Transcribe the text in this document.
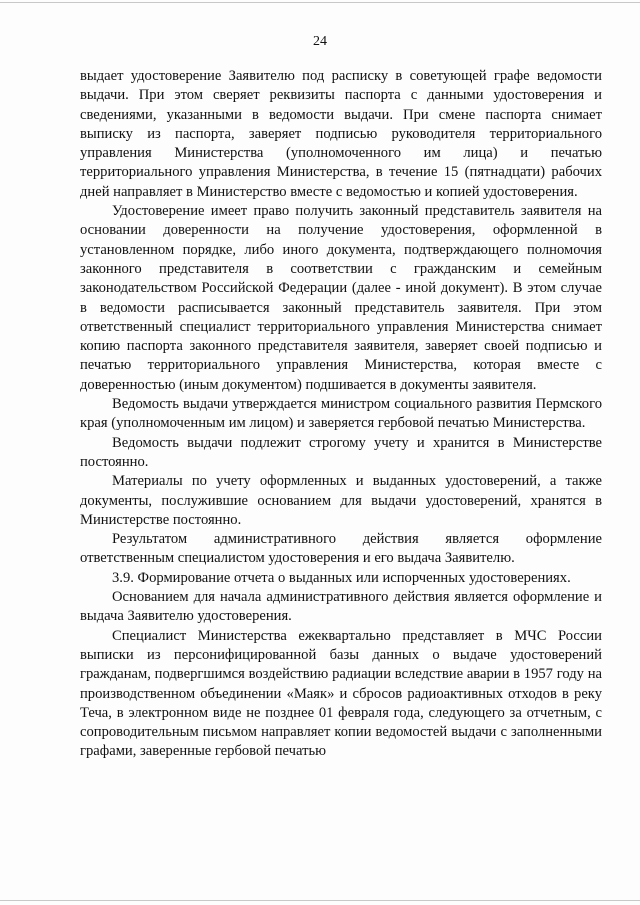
24

выдает удостоверение Заявителю под расписку в советующей графе ведомости выдачи. При этом сверяет реквизиты паспорта с данными удостоверения и сведениями, указанными в ведомости выдачи. При смене паспорта снимает выписку из паспорта, заверяет подписью руководителя территориального управления Министерства (уполномоченного им лица) и печатью территориального управления Министерства, в течение 15 (пятнадцати) рабочих дней направляет в Министерство вместе с ведомостью и копией удостоверения.

Удостоверение имеет право получить законный представитель заявителя на основании доверенности на получение удостоверения, оформленной в установленном порядке, либо иного документа, подтверждающего полномочия законного представителя в соответствии с гражданским и семейным законодательством Российской Федерации (далее - иной документ). В этом случае в ведомости расписывается законный представитель заявителя. При этом ответственный специалист территориального управления Министерства снимает копию паспорта законного представителя заявителя, заверяет своей подписью и печатью территориального управления Министерства, которая вместе с доверенностью (иным документом) подшивается в документы заявителя.

Ведомость выдачи утверждается министром социального развития Пермского края (уполномоченным им лицом) и заверяется гербовой печатью Министерства.

Ведомость выдачи подлежит строгому учету и хранится в Министерстве постоянно.

Материалы по учету оформленных и выданных удостоверений, а также документы, послужившие основанием для выдачи удостоверений, хранятся в Министерстве постоянно.

Результатом административного действия является оформление ответственным специалистом удостоверения и его выдача Заявителю.

3.9. Формирование отчета о выданных или испорченных удостоверениях.

Основанием для начала административного действия является оформление и выдача Заявителю удостоверения.

Специалист Министерства ежеквартально представляет в МЧС России выписки из персонифицированной базы данных о выдаче удостоверений гражданам, подвергшимся воздействию радиации вследствие аварии в 1957 году на производственном объединении «Маяк» и сбросов радиоактивных отходов в реку Теча, в электронном виде не позднее 01 февраля года, следующего за отчетным, с сопроводительным письмом направляет копии ведомостей выдачи с заполненными графами, заверенные гербовой печатью
